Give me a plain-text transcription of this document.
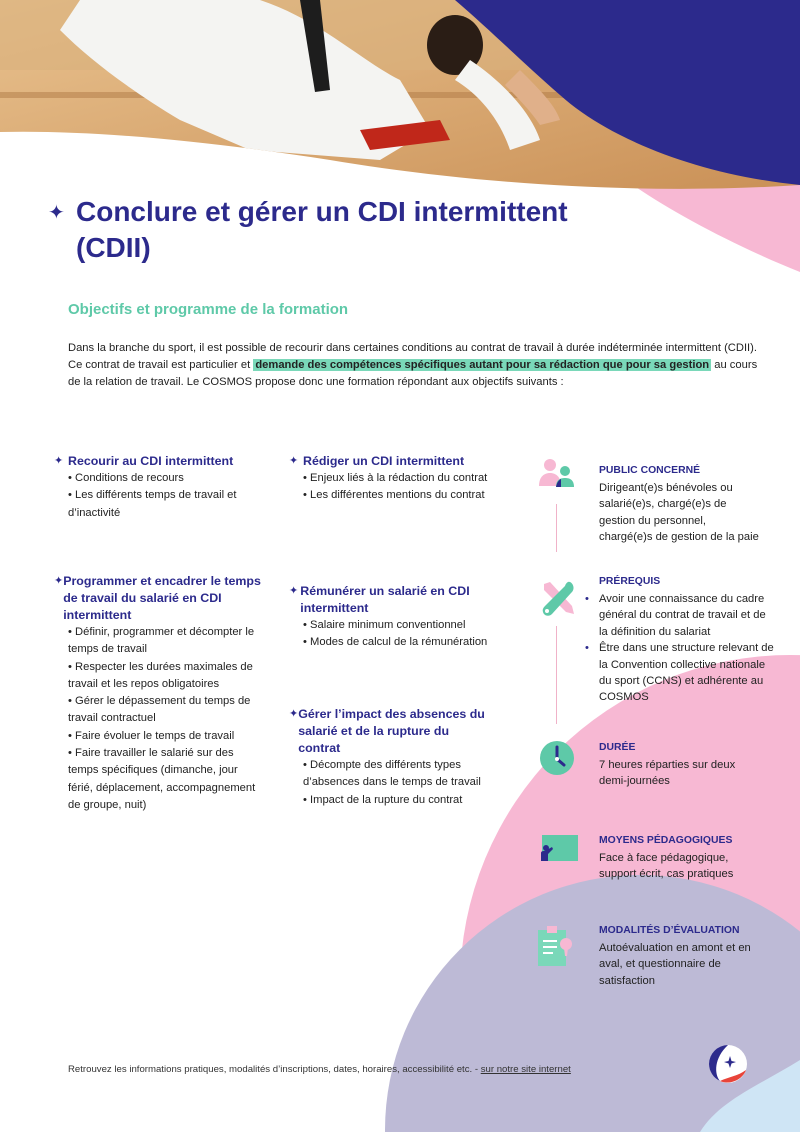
✦ Conclure et gérer un CDI intermittent (CDII)
Objectifs et programme de la formation

Dans la branche du sport, il est possible de recourir dans certaines conditions au contrat de travail à durée indéterminée intermittent (CDII). Ce contrat de travail est particulier et demande des compétences spécifiques autant pour sa rédaction que pour sa gestion au cours de la relation de travail. Le COSMOS propose donc une formation répondant aux objectifs suivants :

✦ Recourir au CDI intermittent
• Conditions de recours
• Les différents temps de travail et d’inactivité
✦ Rédiger un CDI intermittent
• Enjeux liés à la rédaction du contrat
• Les différentes mentions du contrat
✦ Programmer et encadrer le temps de travail du salarié en CDI intermittent
• Définir, programmer et décompter le temps de travail
• Respecter les durées maximales de travail et les repos obligatoires
• Gérer le dépassement du temps de travail contractuel
• Faire évoluer le temps de travail
• Faire travailler le salarié sur des temps spécifiques (dimanche, jour férié, déplacement, accompagnement de groupe, nuit)
✦ Rémunérer un salarié en CDI intermittent
• Salaire minimum conventionnel
• Modes de calcul de la rémunération
✦ Gérer l’impact des absences du salarié et de la rupture du contrat
• Décompte des différents types d’absences dans le temps de travail
• Impact de la rupture du contrat
PUBLIC CONCERNÉ
Dirigeant(e)s bénévoles ou salarié(e)s, chargé(e)s de gestion du personnel, chargé(e)s de gestion de la paie
PRÉREQUIS
• Avoir une connaissance du cadre général du contrat de travail et de la définition du salariat
• Être dans une structure relevant de la Convention collective nationale du sport (CCNS) et adhérente au COSMOS
DURÉE
7 heures réparties sur deux demi-journées
MOYENS PÉDAGOGIQUES
Face à face pédagogique, support écrit, cas pratiques
MODALITÉS D’ÉVALUATION
Autoévaluation en amont et en aval, et questionnaire de satisfaction
Retrouvez les informations pratiques, modalités d’inscriptions, dates, horaires, accessibilité etc. - sur notre site internet
